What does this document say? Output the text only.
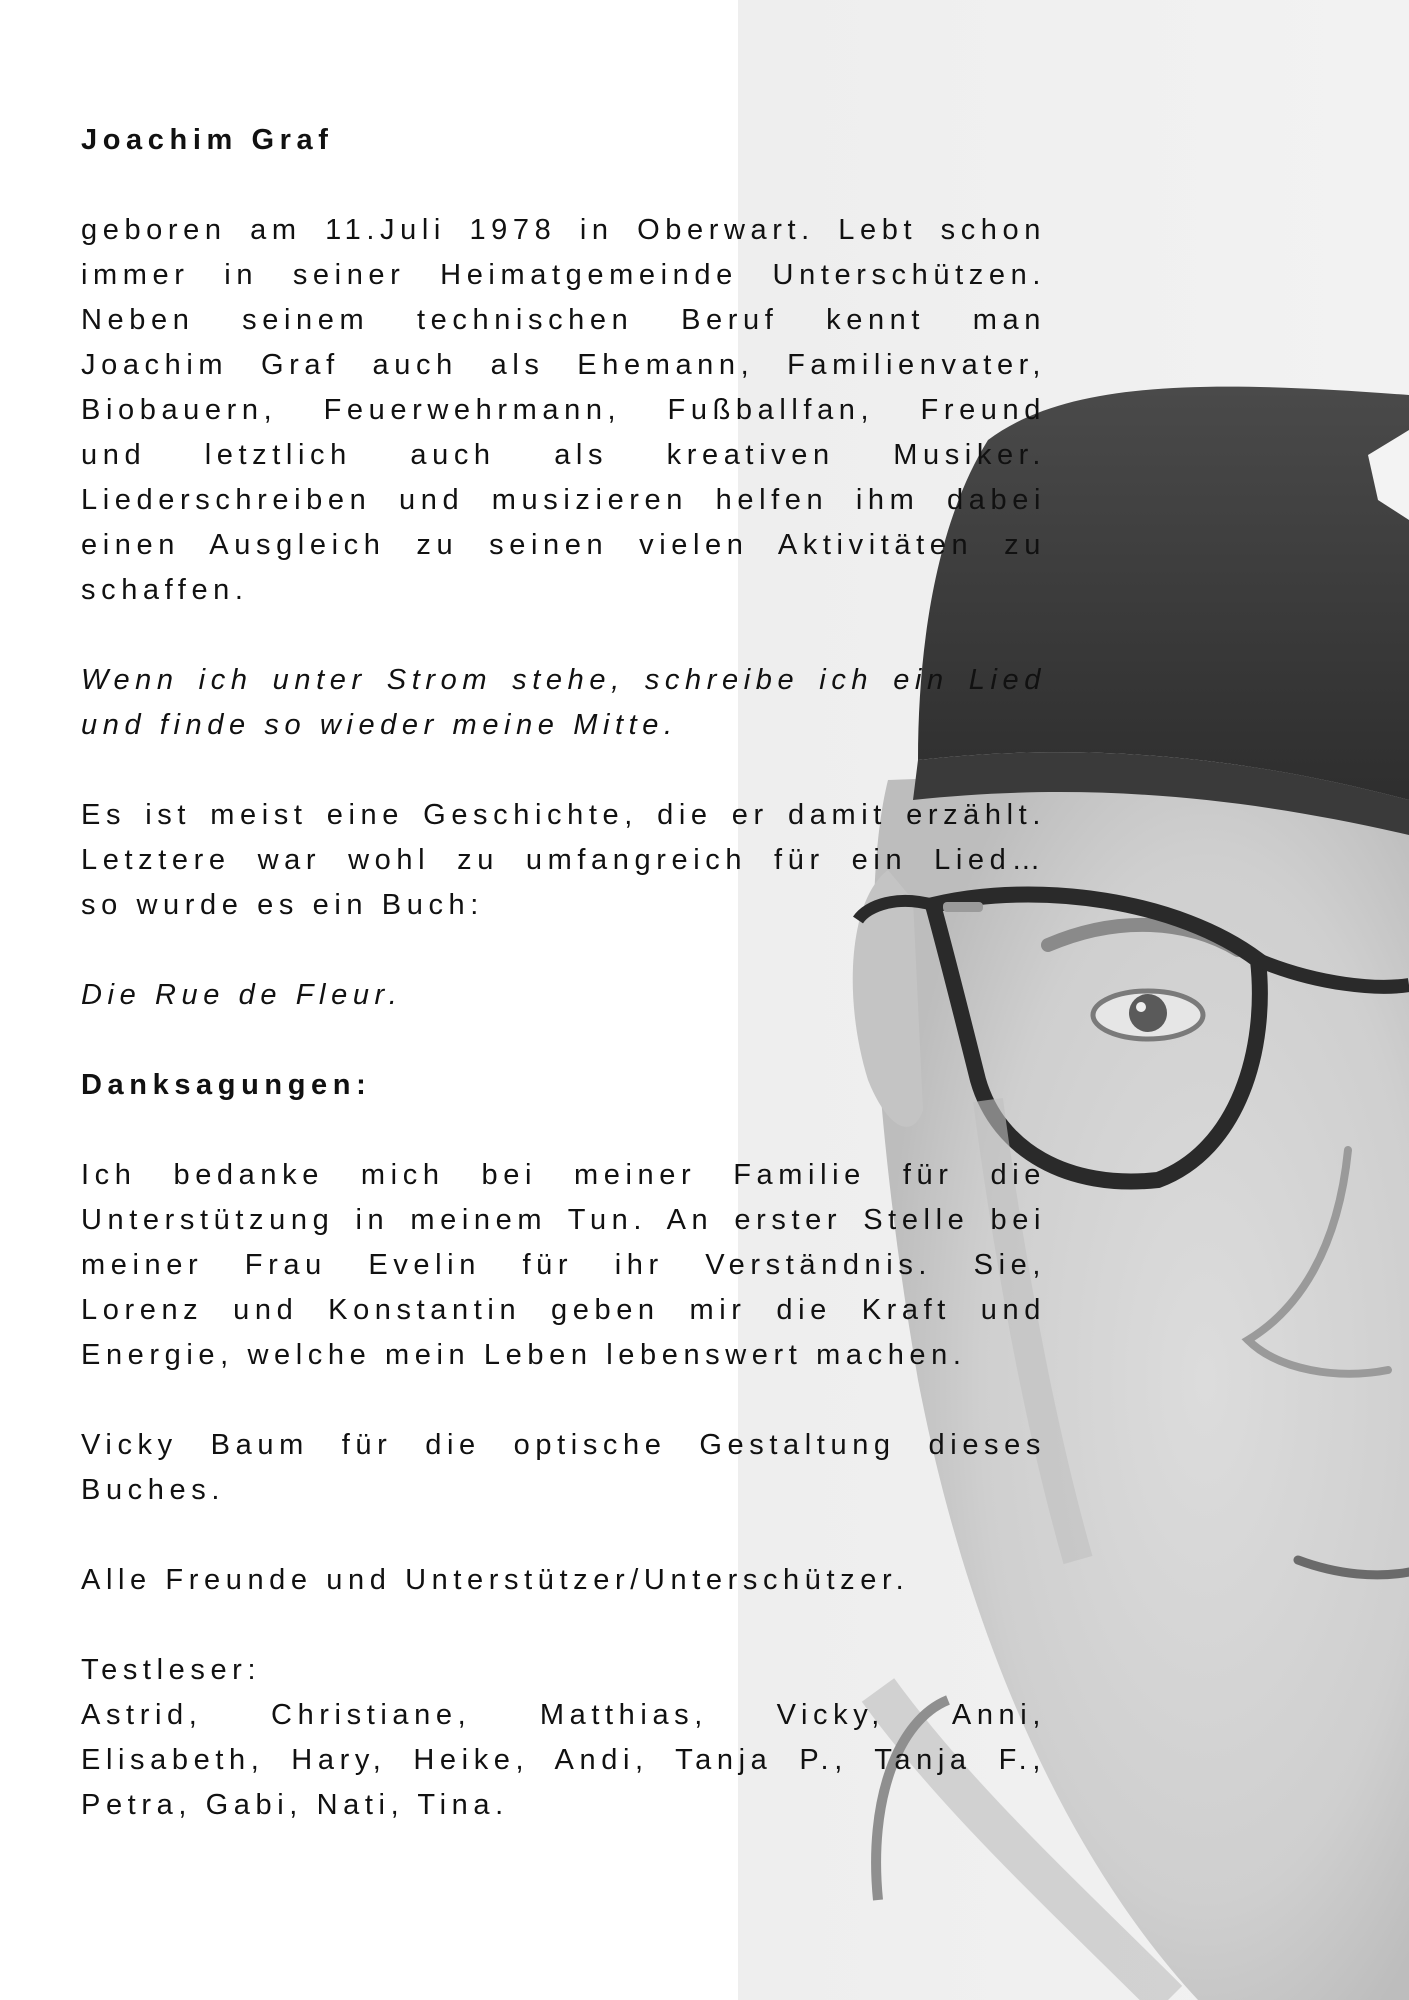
Joachim Graf

geboren am 11.Juli 1978 in Oberwart. Lebt schon
immer in seiner Heimatgemeinde Unterschützen.
Neben seinem technischen Beruf kennt man
Joachim Graf auch als Ehemann, Familienvater,
Biobauern, Feuerwehrmann, Fußballfan, Freund
und letztlich auch als kreativen Musiker.
Liederschreiben und musizieren helfen ihm dabei
einen Ausgleich zu seinen vielen Aktivitäten zu
schaffen.

Wenn ich unter Strom stehe, schreibe ich ein Lied
und finde so wieder meine Mitte.

Es ist meist eine Geschichte, die er damit erzählt.
Letztere war wohl zu umfangreich für ein Lied…
so wurde es ein Buch:

Die Rue de Fleur.

Danksagungen:

Ich bedanke mich bei meiner Familie für die
Unterstützung in meinem Tun. An erster Stelle bei
meiner Frau Evelin für ihr Verständnis. Sie,
Lorenz und Konstantin geben mir die Kraft und
Energie, welche mein Leben lebenswert machen.

Vicky Baum für die optische Gestaltung dieses
Buches.

Alle Freunde und Unterstützer/Unterschützer.

Testleser:

Astrid, Christiane, Matthias, Vicky, Anni,
Elisabeth, Hary, Heike, Andi, Tanja P., Tanja F.,
Petra, Gabi, Nati, Tina.
